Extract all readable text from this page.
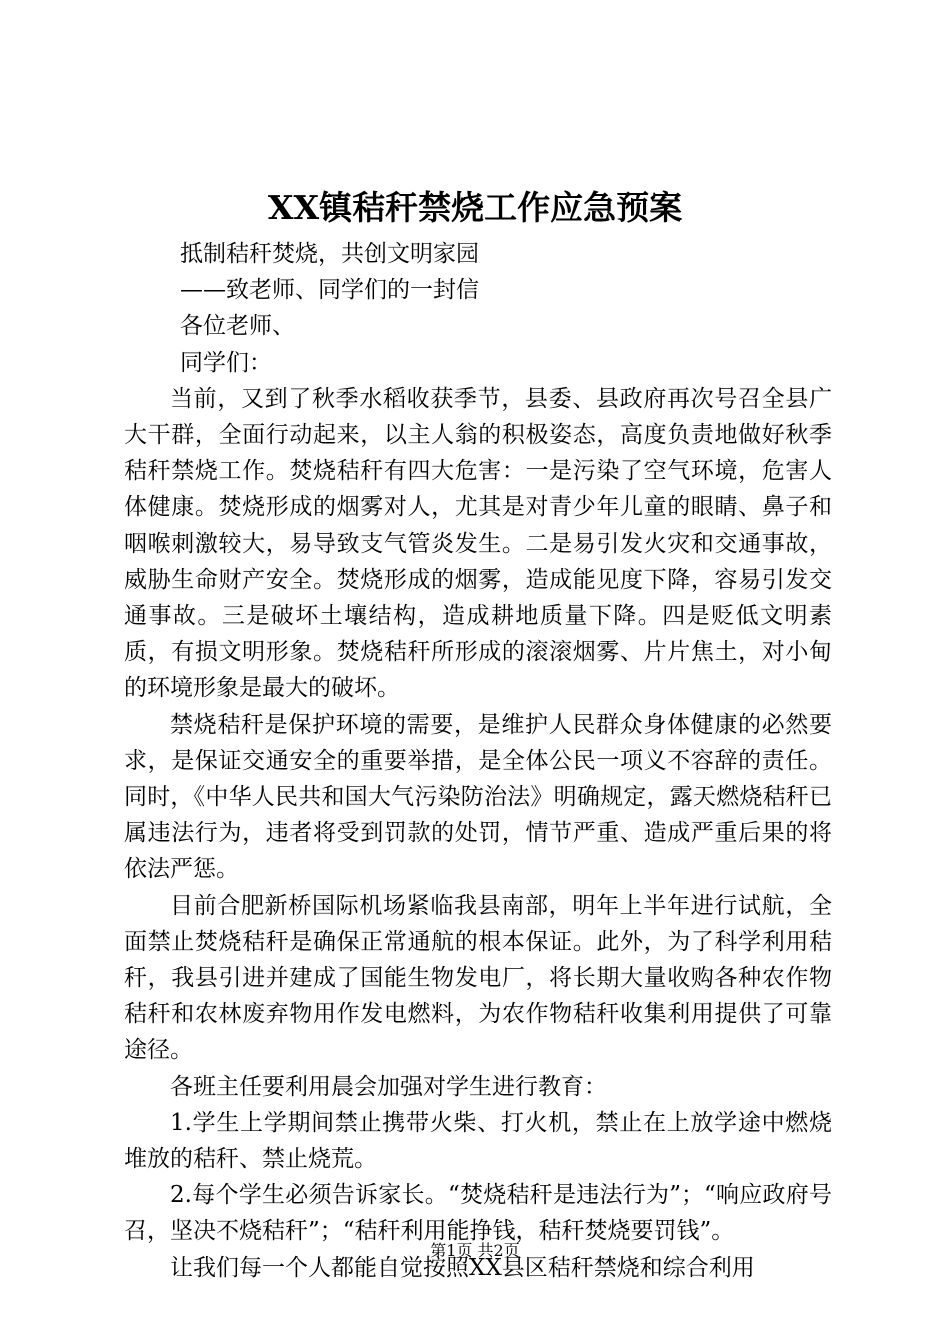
XX镇秸秆禁烧工作应急预案

抵制秸秆焚烧，共创文明家园

——致老师、同学们的一封信

各位老师、

同学们：

当前，又到了秋季水稻收获季节，县委、县政府再次号召全县广大干群，全面行动起来，以主人翁的积极姿态，高度负责地做好秋季秸秆禁烧工作。焚烧秸秆有四大危害：一是污染了空气环境，危害人体健康。焚烧形成的烟雾对人，尤其是对青少年儿童的眼睛、鼻子和咽喉刺激较大，易导致支气管炎发生。二是易引发火灾和交通事故，威胁生命财产安全。焚烧形成的烟雾，造成能见度下降，容易引发交通事故。三是破坏土壤结构，造成耕地质量下降。四是贬低文明素质，有损文明形象。焚烧秸秆所形成的滚滚烟雾、片片焦土，对小甸的环境形象是最大的破坏。

禁烧秸秆是保护环境的需要，是维护人民群众身体健康的必然要求，是保证交通安全的重要举措，是全体公民一项义不容辞的责任。同时，《中华人民共和国大气污染防治法》明确规定，露天燃烧秸秆已属违法行为，违者将受到罚款的处罚，情节严重、造成严重后果的将依法严惩。

目前合肥新桥国际机场紧临我县南部，明年上半年进行试航，全面禁止焚烧秸秆是确保正常通航的根本保证。此外，为了科学利用秸秆，我县引进并建成了国能生物发电厂，将长期大量收购各种农作物秸秆和农林废弃物用作发电燃料，为农作物秸秆收集利用提供了可靠途径。

各班主任要利用晨会加强对学生进行教育：

1.学生上学期间禁止携带火柴、打火机，禁止在上放学途中燃烧堆放的秸秆、禁止烧荒。

2.每个学生必须告诉家长。“焚烧秸秆是违法行为”；“响应政府号召，坚决不烧秸秆”；“秸秆利用能挣钱，秸秆焚烧要罚钱”。

让我们每一个人都能自觉按照XX县区秸秆禁烧和综合利用

第1页 共2页
